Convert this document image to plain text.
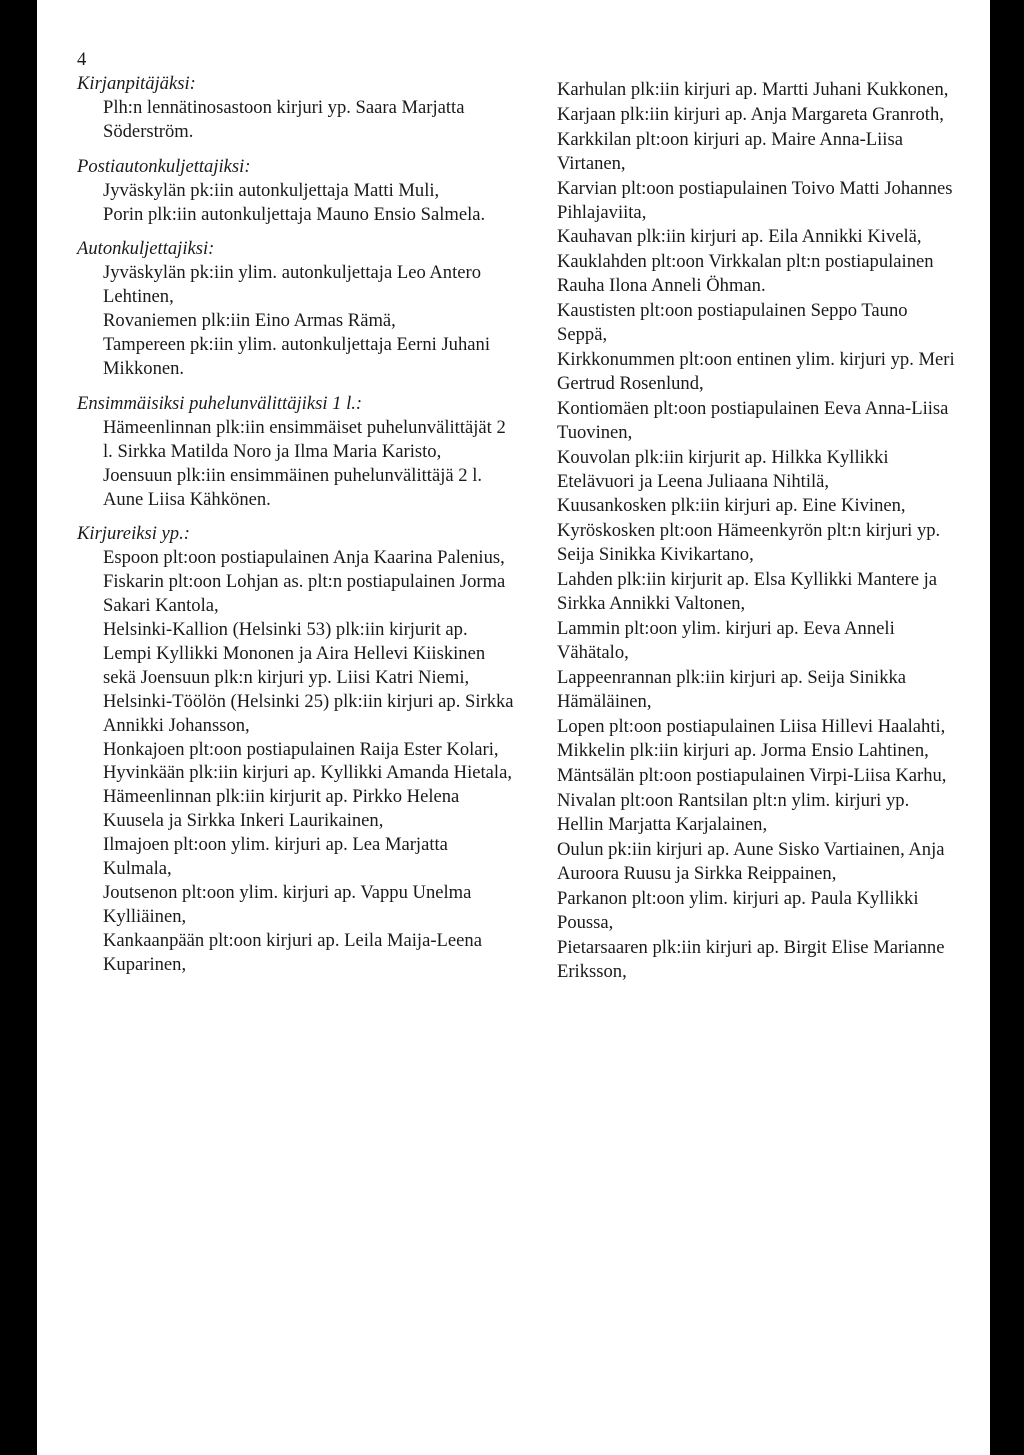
4

Kirjanpitäjäksi:

Plh:n lennätinosastoon kirjuri yp. Saara Marjatta Söderström.

Postiautonkuljettajiksi:

Jyväskylän pk:iin autonkuljettaja Matti Muli,

Porin plk:iin autonkuljettaja Mauno Ensio Salmela.

Autonkuljettajiksi:

Jyväskylän pk:iin ylim. autonkuljettaja Leo Antero Lehtinen,

Rovaniemen plk:iin Eino Armas Rämä,

Tampereen pk:iin ylim. autonkuljettaja Eerni Juhani Mikkonen.

Ensimmäisiksi puhelunvälittäjiksi 1 l.:

Hämeenlinnan plk:iin ensimmäiset puhelunvälittäjät 2 l. Sirkka Matilda Noro ja Ilma Maria Karisto,

Joensuun plk:iin ensimmäinen puhelunvälittäjä 2 l. Aune Liisa Kähkönen.

Kirjureiksi yp.:

Espoon plt:oon postiapulainen Anja Kaarina Palenius,

Fiskarin plt:oon Lohjan as. plt:n postiapulainen Jorma Sakari Kantola,

Helsinki-Kallion (Helsinki 53) plk:iin kirjurit ap. Lempi Kyllikki Mononen ja Aira Hellevi Kiiskinen sekä Joensuun plk:n kirjuri yp. Liisi Katri Niemi,

Helsinki-Töölön (Helsinki 25) plk:iin kirjuri ap. Sirkka Annikki Johansson,

Honkajoen plt:oon postiapulainen Raija Ester Kolari,

Hyvinkään plk:iin kirjuri ap. Kyllikki Amanda Hietala,

Hämeenlinnan plk:iin kirjurit ap. Pirkko Helena Kuusela ja Sirkka Inkeri Laurikainen,

Ilmajoen plt:oon ylim. kirjuri ap. Lea Marjatta Kulmala,

Joutsenon plt:oon ylim. kirjuri ap. Vappu Unelma Kylliäinen,

Kankaanpään plt:oon kirjuri ap. Leila Maija-Leena Kuparinen,

Karhulan plk:iin kirjuri ap. Martti Juhani Kukkonen,

Karjaan plk:iin kirjuri ap. Anja Margareta Granroth,

Karkkilan plt:oon kirjuri ap. Maire Anna-Liisa Virtanen,

Karvian plt:oon postiapulainen Toivo Matti Johannes Pihlajaviita,

Kauhavan plk:iin kirjuri ap. Eila Annikki Kivelä,

Kauklahden plt:oon Virkkalan plt:n postiapulainen Rauha Ilona Anneli Öhman.

Kaustisten plt:oon postiapulainen Seppo Tauno Seppä,

Kirkkonummen plt:oon entinen ylim. kirjuri yp. Meri Gertrud Rosenlund,

Kontiomäen plt:oon postiapulainen Eeva Anna-Liisa Tuovinen,

Kouvolan plk:iin kirjurit ap. Hilkka Kyllikki Etelävuori ja Leena Juliaana Nihtilä,

Kuusankosken plk:iin kirjuri ap. Eine Kivinen,

Kyröskosken plt:oon Hämeenkyrön plt:n kirjuri yp. Seija Sinikka Kivikartano,

Lahden plk:iin kirjurit ap. Elsa Kyllikki Mantere ja Sirkka Annikki Valtonen,

Lammin plt:oon ylim. kirjuri ap. Eeva Anneli Vähätalo,

Lappeenrannan plk:iin kirjuri ap. Seija Sinikka Hämäläinen,

Lopen plt:oon postiapulainen Liisa Hillevi Haalahti,

Mikkelin plk:iin kirjuri ap. Jorma Ensio Lahtinen,

Mäntsälän plt:oon postiapulainen Virpi-Liisa Karhu,

Nivalan plt:oon Rantsilan plt:n ylim. kirjuri yp. Hellin Marjatta Karjalainen,

Oulun pk:iin kirjuri ap. Aune Sisko Vartiainen, Anja Auroora Ruusu ja Sirkka Reippainen,

Parkanon plt:oon ylim. kirjuri ap. Paula Kyllikki Poussa,

Pietarsaaren plk:iin kirjuri ap. Birgit Elise Marianne Eriksson,
